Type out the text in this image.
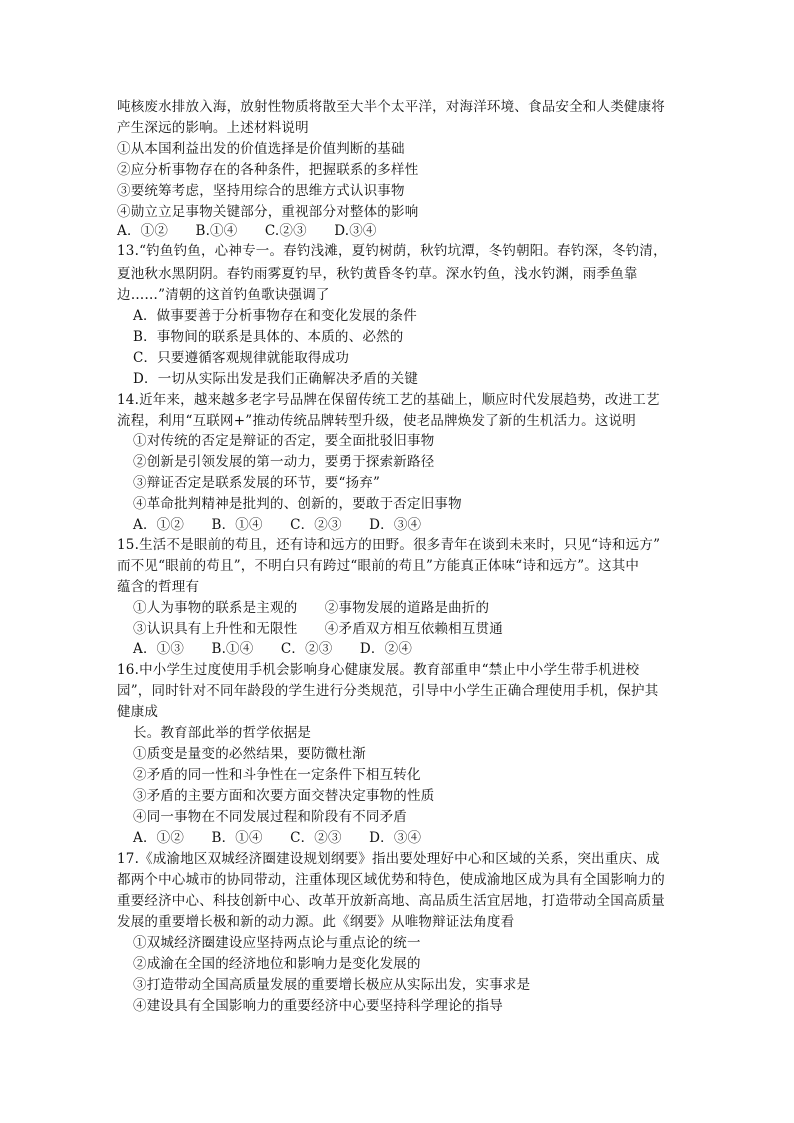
吨核废水排放入海，放射性物质将散至大半个太平洋，对海洋环境、食品安全和人类健康将
产生深远的影响。上述材料说明
①从本国利益出发的价值选择是价值判断的基础
②应分析事物存在的各种条件，把握联系的多样性
③要统筹考虑，坚持用综合的思维方式认识事物
④勋立立足事物关键部分，重视部分对整体的影响
A．①②　　B.①④　　C.②③　　D.③④
13.“钓鱼钓鱼，心神专一。春钓浅滩，夏钓树荫，秋钓坑潭，冬钓朝阳。春钓深，冬钓清，
夏池秋水黑阴阴。春钓雨雾夏钓早，秋钓黄昏冬钓草。深水钓鱼，浅水钓渊，雨季鱼靠
边……”清朝的这首钓鱼歌诀强调了
A．做事要善于分析事物存在和变化发展的条件
B．事物间的联系是具体的、本质的、必然的
C．只要遵循客观规律就能取得成功
D．一切从实际出发是我们正确解决矛盾的关键
14.近年来，越来越多老字号品牌在保留传统工艺的基础上，顺应时代发展趋势，改进工艺
流程，利用“互联网+”推动传统品牌转型升级，使老品牌焕发了新的生机活力。这说明
①对传统的否定是辩证的否定，要全面批驳旧事物
②创新是引领发展的第一动力，要勇于探索新路径
③辩证否定是联系发展的环节，要“扬弃”
④革命批判精神是批判的、创新的，要敢于否定旧事物
A．①②　　B．①④　　C．②③　　D．③④
15.生活不是眼前的苟且，还有诗和远方的田野。很多青年在谈到未来时，只见“诗和远方”
而不见“眼前的苟且”，不明白只有跨过“眼前的苟且”方能真正体味“诗和远方”。这其中
蕴含的哲理有
①人为事物的联系是主观的　　②事物发展的道路是曲折的
③认识具有上升性和无限性　　④矛盾双方相互依赖相互贯通
A．①③　　B.①④　　C．②③　　D．②④
16.中小学生过度使用手机会影响身心健康发展。教育部重申“禁止中小学生带手机进校
园”，同时针对不同年龄段的学生进行分类规范，引导中小学生正确合理使用手机，保护其
健康成
长。教育部此举的哲学依据是
①质变是量变的必然结果，要防微杜渐
②矛盾的同一性和斗争性在一定条件下相互转化
③矛盾的主要方面和次要方面交替决定事物的性质
④同一事物在不同发展过程和阶段有不同矛盾
A．①②　　B．①④　　C．②③　　D．③④
17.《成渝地区双城经济圈建设规划纲要》指出要处理好中心和区域的关系，突出重庆、成
都两个中心城市的协同带动，注重体现区域优势和特色，使成渝地区成为具有全国影响力的
重要经济中心、科技创新中心、改革开放新高地、高品质生活宜居地，打造带动全国高质量
发展的重要增长极和新的动力源。此《纲要》从唯物辩证法角度看
①双城经济圈建设应坚持两点论与重点论的统一
②成渝在全国的经济地位和影响力是变化发展的
③打造带动全国高质量发展的重要增长极应从实际出发，实事求是
④建设具有全国影响力的重要经济中心要坚持科学理论的指导
